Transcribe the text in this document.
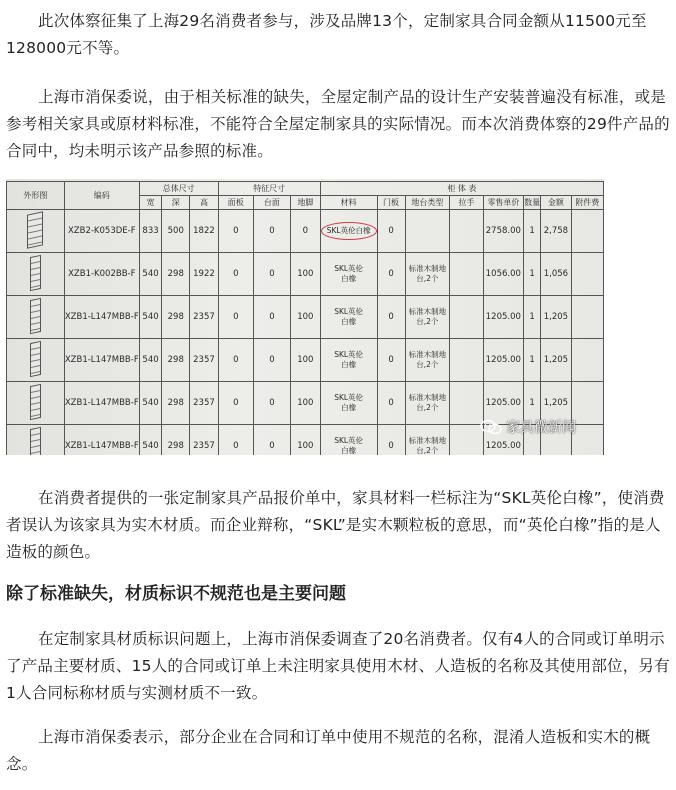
此次体察征集了上海29名消费者参与，涉及品牌13个，定制家具合同金额从11500元至128000元不等。

上海市消保委说，由于相关标准的缺失，全屋定制产品的设计生产安装普遍没有标准，或是参考相关家具或原材料标准，不能符合全屋定制家具的实际情况。而本次消费体察的29件产品的合同中，均未明示该产品参照的标准。

外形图	编码	总体尺寸			特征尺寸			柜 体 表							
		宽	深	高	面板	台面	地脚	材料	门板	地台类型	拉手	零售单价	数量	金额	附件费

	XZB2-K053DE-F	833	500	1822	0	0	0	SKL英伦白橡	0			2758.00	1	2,758	
	XZB1-K002BB-F	540	298	1922	0	0	100	SKL英伦白橡	0	标准木制地台,2个		1056.00	1	1,056	
	XZB1-L147MBB-F	540	298	2357	0	0	100	SKL英伦白橡	0	标准木制地台,2个		1205.00	1	1,205	
	XZB1-L147MBB-F	540	298	2357	0	0	100	SKL英伦白橡	0	标准木制地台,2个		1205.00	1	1,205	
	XZB1-L147MBB-F	540	298	2357	0	0	100	SKL英伦白橡	0	标准木制地台,2个		1205.00	1	1,205	
	XZB1-L147MBB-F	540	298	2357	0	0	100	SKL英伦白橡	0	标准木制地台,2个		1205.00			
家具微新闻

在消费者提供的一张定制家具产品报价单中，家具材料一栏标注为“SKL英伦白橡”，使消费者误认为该家具为实木材质。而企业辩称，“SKL”是实木颗粒板的意思，而“英伦白橡”指的是人造板的颜色。

除了标准缺失，材质标识不规范也是主要问题

在定制家具材质标识问题上，上海市消保委调查了20名消费者。仅有4人的合同或订单明示了产品主要材质、15人的合同或订单上未注明家具使用木材、人造板的名称及其使用部位，另有1人合同标称材质与实测材质不一致。

上海市消保委表示，部分企业在合同和订单中使用不规范的名称，混淆人造板和实木的概念。
